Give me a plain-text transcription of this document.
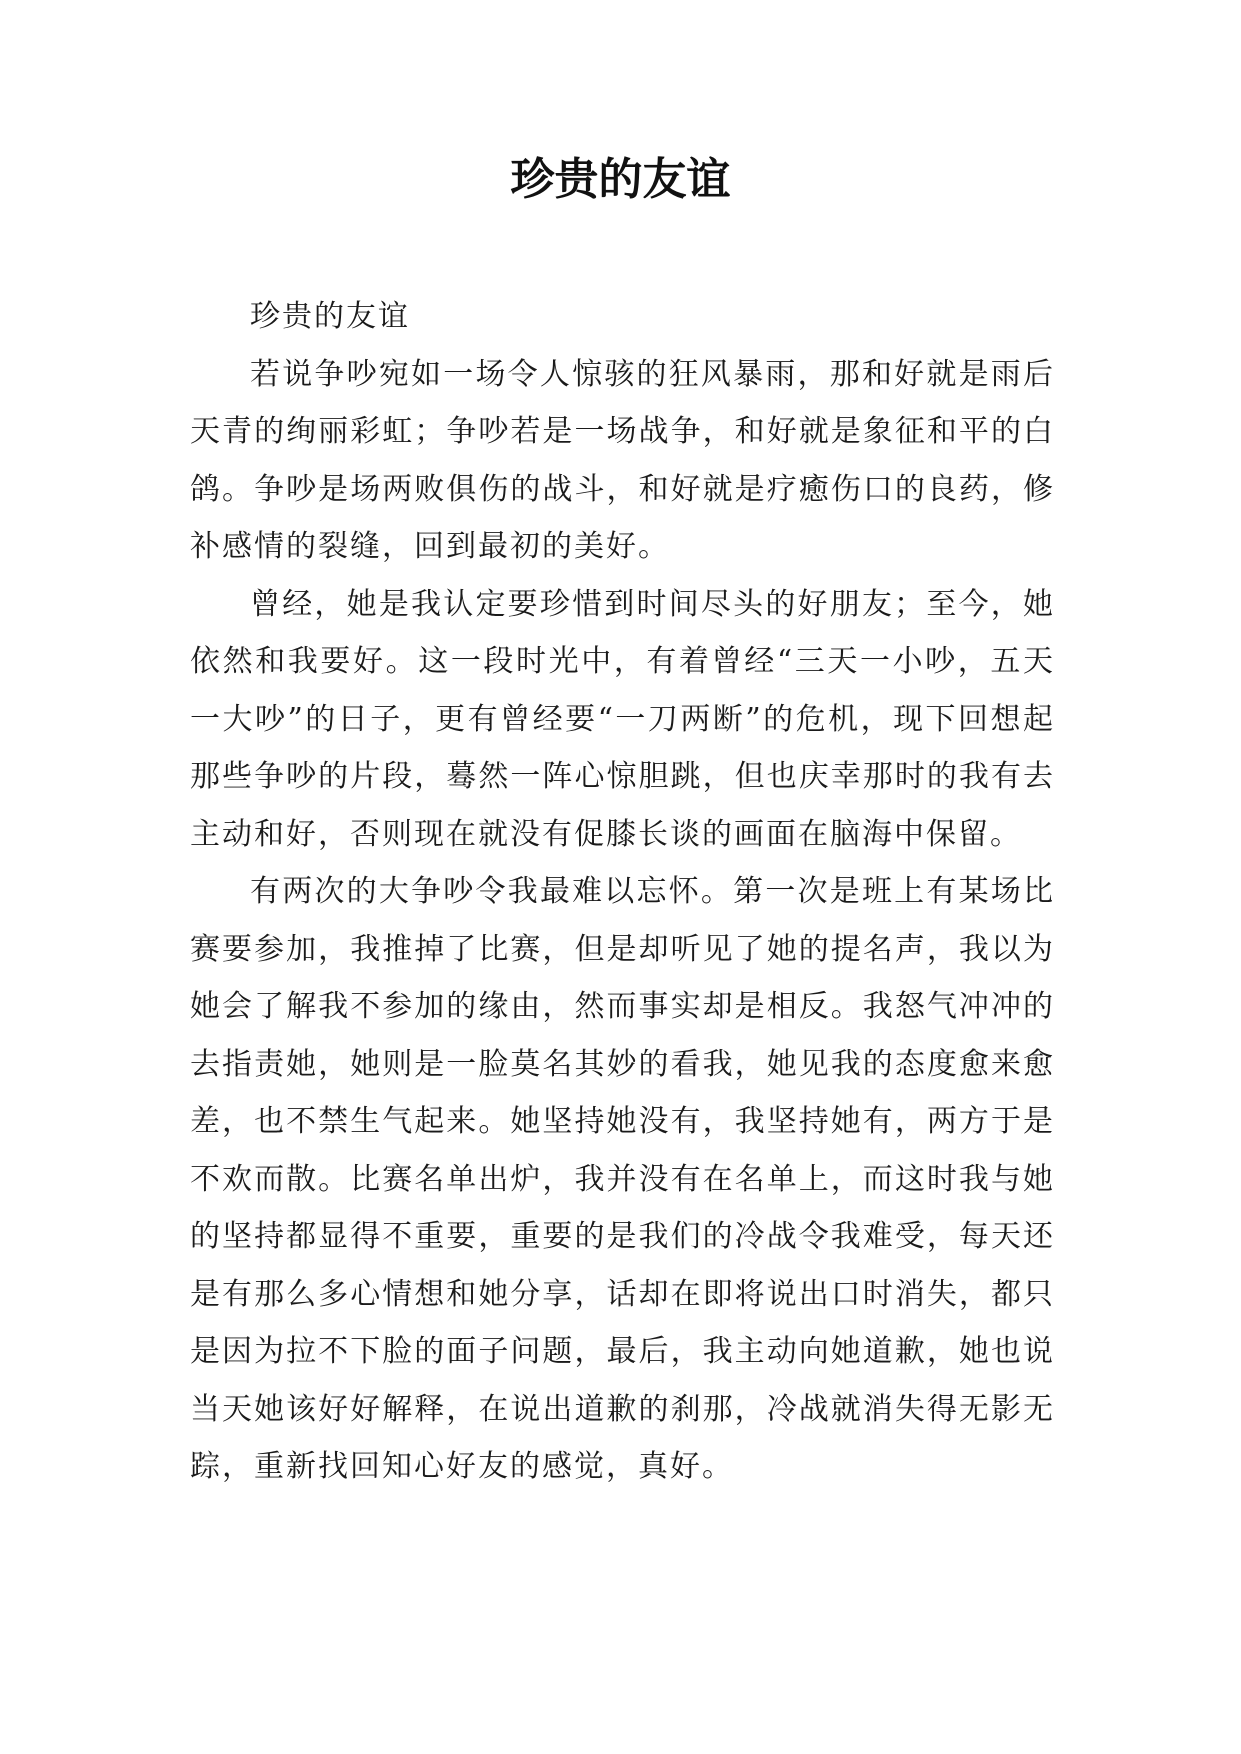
珍贵的友谊

珍贵的友谊

若说争吵宛如一场令人惊骇的狂风暴雨，那和好就是雨后天青的绚丽彩虹；争吵若是一场战争，和好就是象征和平的白鸽。争吵是场两败俱伤的战斗，和好就是疗癒伤口的良药，修补感情的裂缝，回到最初的美好。

曾经，她是我认定要珍惜到时间尽头的好朋友；至今，她依然和我要好。这一段时光中，有着曾经“三天一小吵，五天一大吵”的日子，更有曾经要“一刀两断”的危机，现下回想起那些争吵的片段，蓦然一阵心惊胆跳，但也庆幸那时的我有去主动和好，否则现在就没有促膝长谈的画面在脑海中保留。

有两次的大争吵令我最难以忘怀。第一次是班上有某场比赛要参加，我推掉了比赛，但是却听见了她的提名声，我以为她会了解我不参加的缘由，然而事实却是相反。我怒气冲冲的去指责她，她则是一脸莫名其妙的看我，她见我的态度愈来愈差，也不禁生气起来。她坚持她没有，我坚持她有，两方于是不欢而散。比赛名单出炉，我并没有在名单上，而这时我与她的坚持都显得不重要，重要的是我们的冷战令我难受，每天还是有那么多心情想和她分享，话却在即将说出口时消失，都只是因为拉不下脸的面子问题，最后，我主动向她道歉，她也说当天她该好好解释，在说出道歉的刹那，冷战就消失得无影无踪，重新找回知心好友的感觉，真好。
